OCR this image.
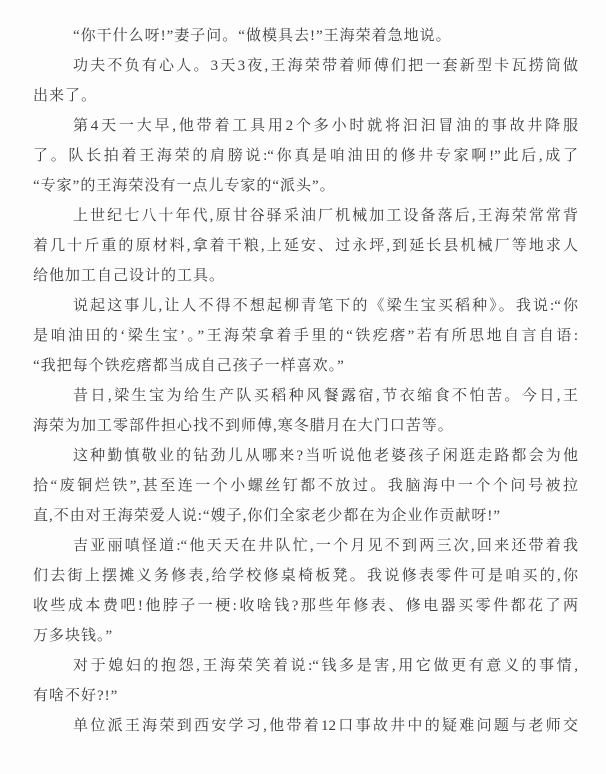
“你干什么呀!”妻子问。“做模具去!”王海荣着急地说。
功夫不负有心人。3天3夜,王海荣带着师傅们把一套新型卡瓦捞筒做
出来了。
第4天一大早,他带着工具用2个多小时就将汩汩冒油的事故井降服
了。队长拍着王海荣的肩膀说:“你真是咱油田的修井专家啊!”此后,成了
“专家”的王海荣没有一点儿专家的“派头”。
上世纪七八十年代,原甘谷驿采油厂机械加工设备落后,王海荣常常背
着几十斤重的原材料,拿着干粮,上延安、过永坪,到延长县机械厂等地求人
给他加工自己设计的工具。
说起这事儿,让人不得不想起柳青笔下的《梁生宝买稻种》。我说:“你
是咱油田的‘梁生宝’。”王海荣拿着手里的“铁疙瘩”若有所思地自言自语:
“我把每个铁疙瘩都当成自己孩子一样喜欢。”
昔日,梁生宝为给生产队买稻种风餐露宿,节衣缩食不怕苦。今日,王
海荣为加工零部件担心找不到师傅,寒冬腊月在大门口苦等。
这种勤慎敬业的钻劲儿从哪来?当听说他老婆孩子闲逛走路都会为他
拾“废铜烂铁”,甚至连一个小螺丝钉都不放过。我脑海中一个个问号被拉
直,不由对王海荣爱人说:“嫂子,你们全家老少都在为企业作贡献呀!”
吉亚丽嗔怪道:“他天天在井队忙,一个月见不到两三次,回来还带着我
们去街上摆摊义务修表,给学校修桌椅板凳。我说修表零件可是咱买的,你
收些成本费吧!他脖子一梗:收啥钱?那些年修表、修电器买零件都花了两
万多块钱。”
对于媳妇的抱怨,王海荣笑着说:“钱多是害,用它做更有意义的事情,
有啥不好?!”
单位派王海荣到西安学习,他带着12口事故井中的疑难问题与老师交
